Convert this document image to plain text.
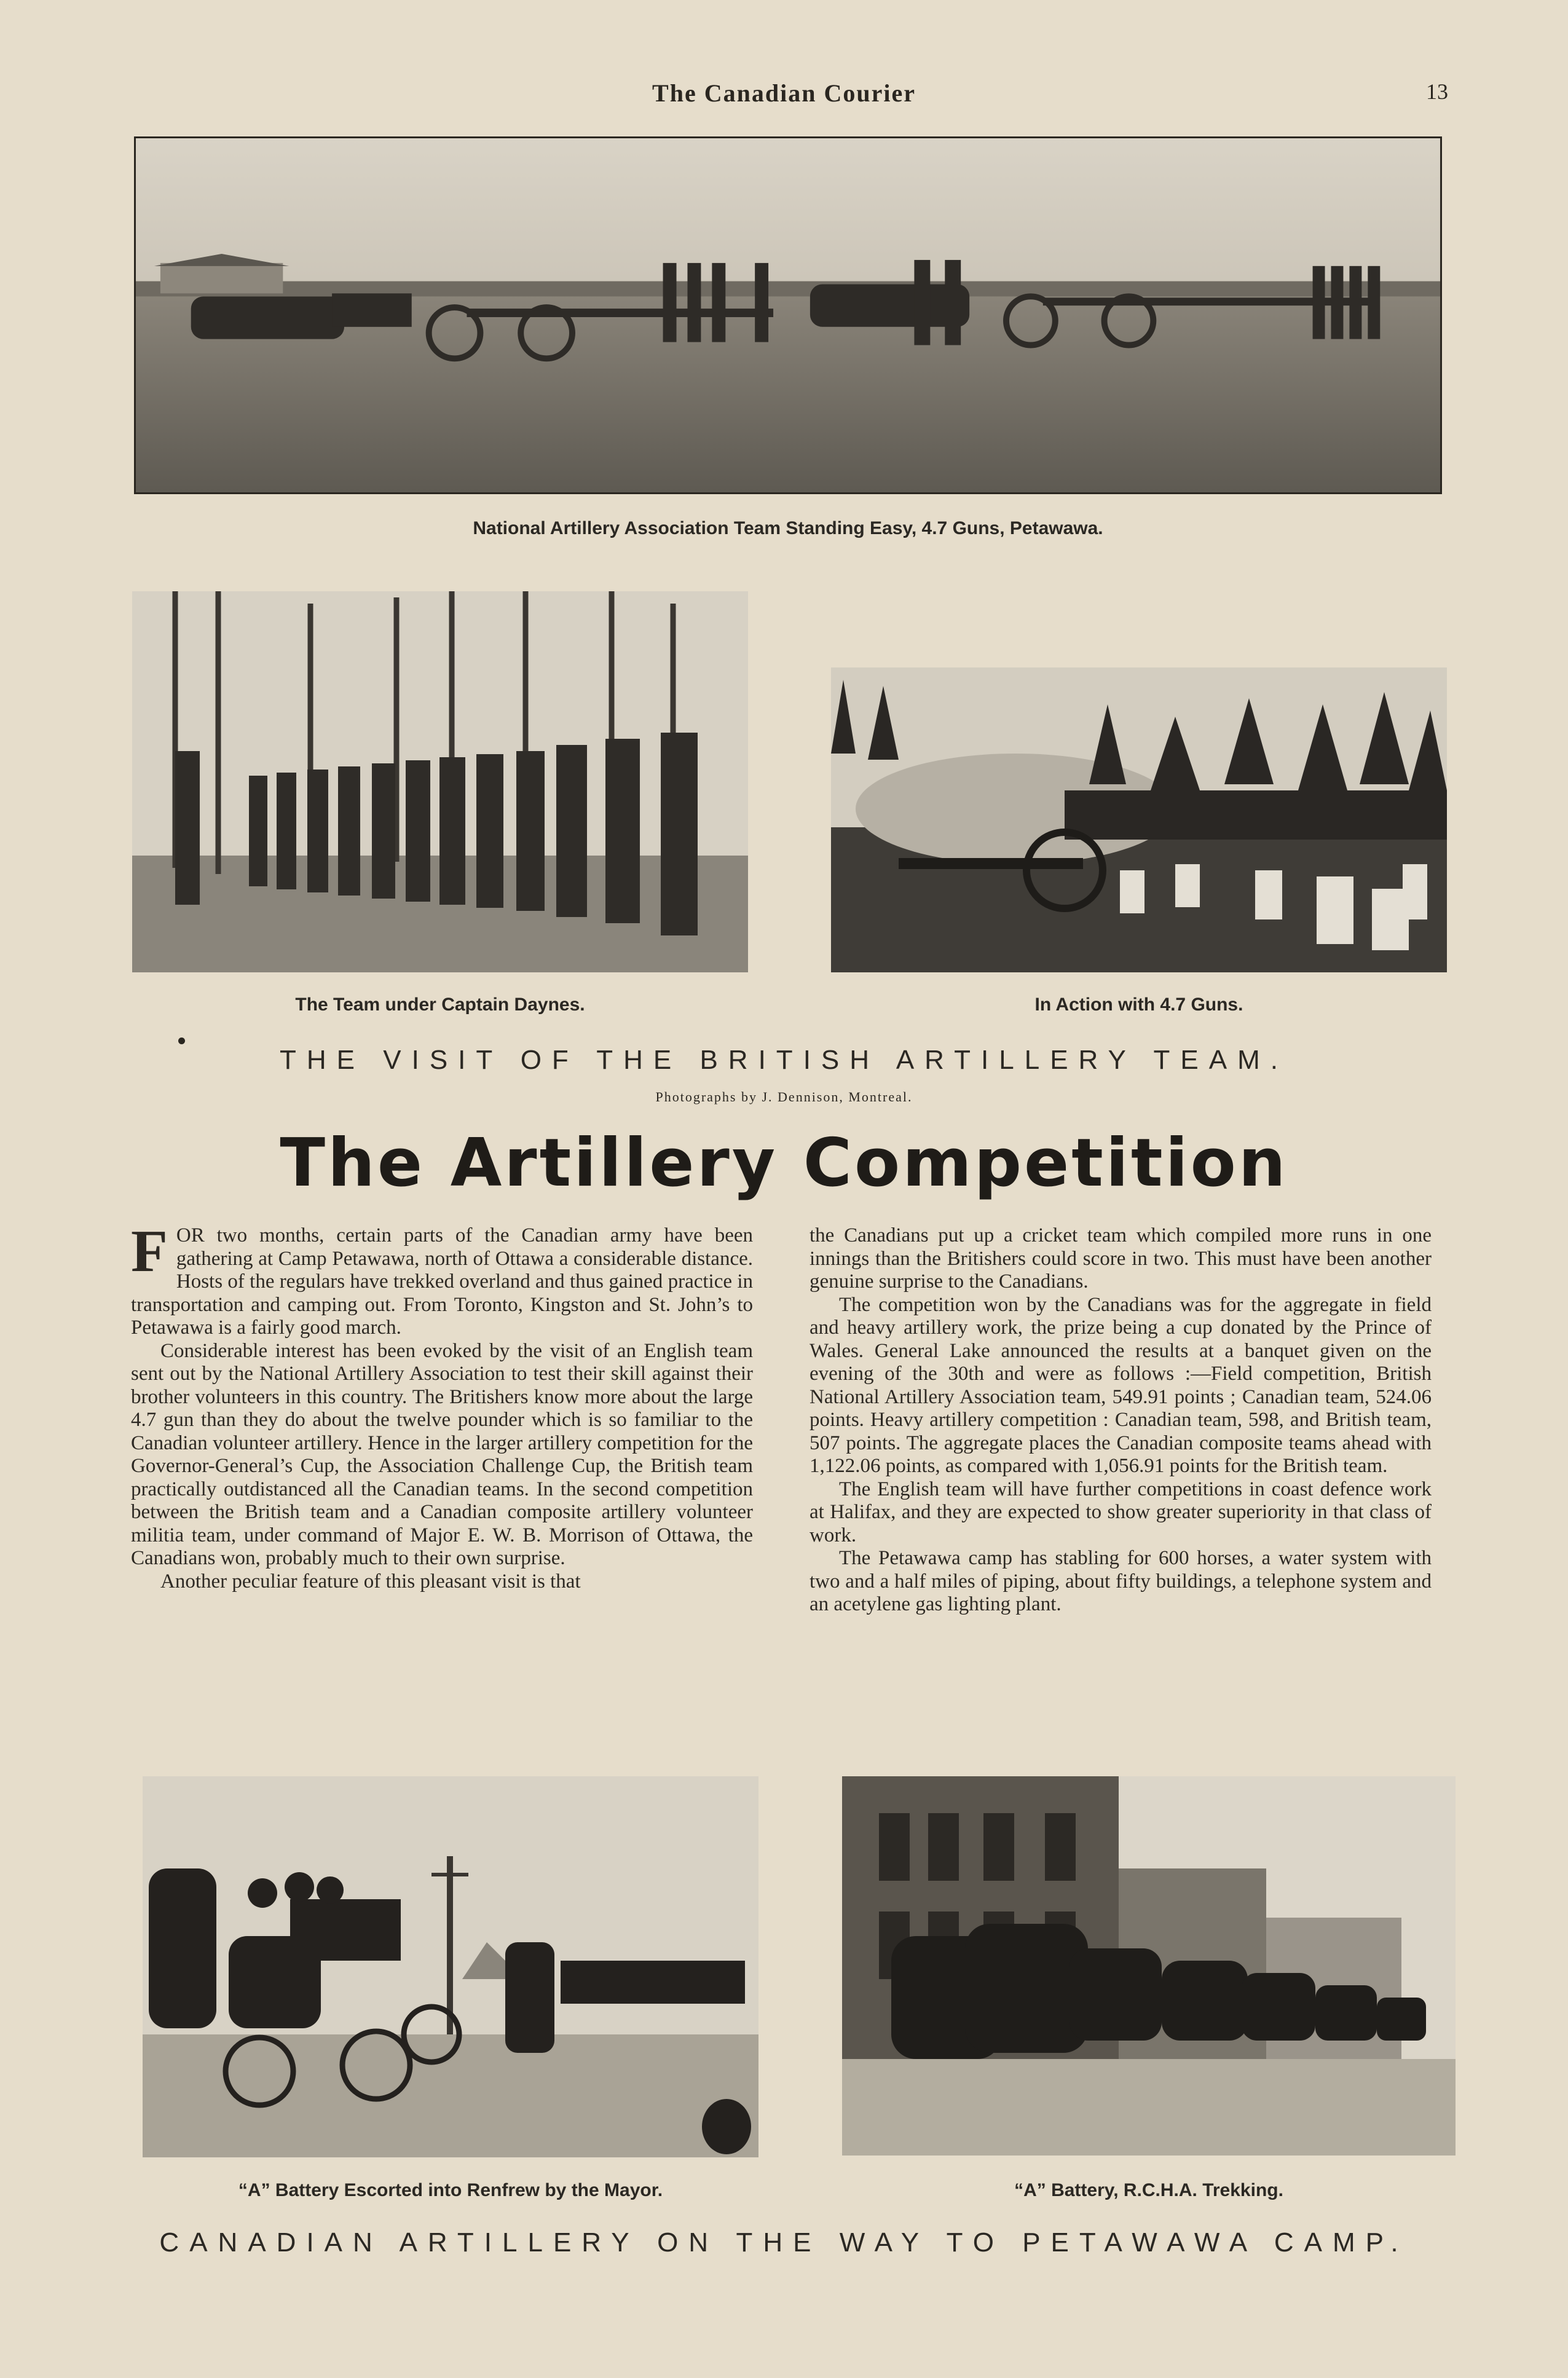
The Canadian Courier	13
National Artillery Association Team Standing Easy, 4.7 Guns, Petawawa.
The Team under Captain Daynes.	In Action with 4.7 Guns.
THE VISIT OF THE BRITISH ARTILLERY TEAM.
Photographs by J. Dennison, Montreal.
The Artillery Competition

FOR two months, certain parts of the Canadian army have been gathering at Camp Petawawa, north of Ottawa a considerable distance. Hosts of the regulars have trekked overland and thus gained practice in transportation and camping out. From Toronto, Kingston and St. John’s to Petawawa is a fairly good march.

Considerable interest has been evoked by the visit of an English team sent out by the National Artillery Association to test their skill against their brother volunteers in this country. The Britishers know more about the large 4.7 gun than they do about the twelve pounder which is so familiar to the Canadian volunteer artillery. Hence in the larger artillery competition for the Governor-General’s Cup, the Association Challenge Cup, the British team practically outdistanced all the Canadian teams. In the second competition between the British team and a Canadian composite artillery volunteer militia team, under command of Major E. W. B. Morrison of Ottawa, the Canadians won, probably much to their own surprise.

Another peculiar feature of this pleasant visit is that

the Canadians put up a cricket team which compiled more runs in one innings than the Britishers could score in two. This must have been another genuine surprise to the Canadians.

The competition won by the Canadians was for the aggregate in field and heavy artillery work, the prize being a cup donated by the Prince of Wales. General Lake announced the results at a banquet given on the evening of the 30th and were as follows :—Field competition, British National Artillery Association team, 549.91 points ; Canadian team, 524.06 points. Heavy artillery competition : Canadian team, 598, and British team, 507 points. The aggregate places the Canadian composite teams ahead with 1,122.06 points, as compared with 1,056.91 points for the British team.

The English team will have further competitions in coast defence work at Halifax, and they are expected to show greater superiority in that class of work.

The Petawawa camp has stabling for 600 horses, a water system with two and a half miles of piping, about fifty buildings, a telephone system and an acetylene gas lighting plant.

“A” Battery Escorted into Renfrew by the Mayor.	“A” Battery, R.C.H.A. Trekking.
CANADIAN ARTILLERY ON THE WAY TO PETAWAWA CAMP.
